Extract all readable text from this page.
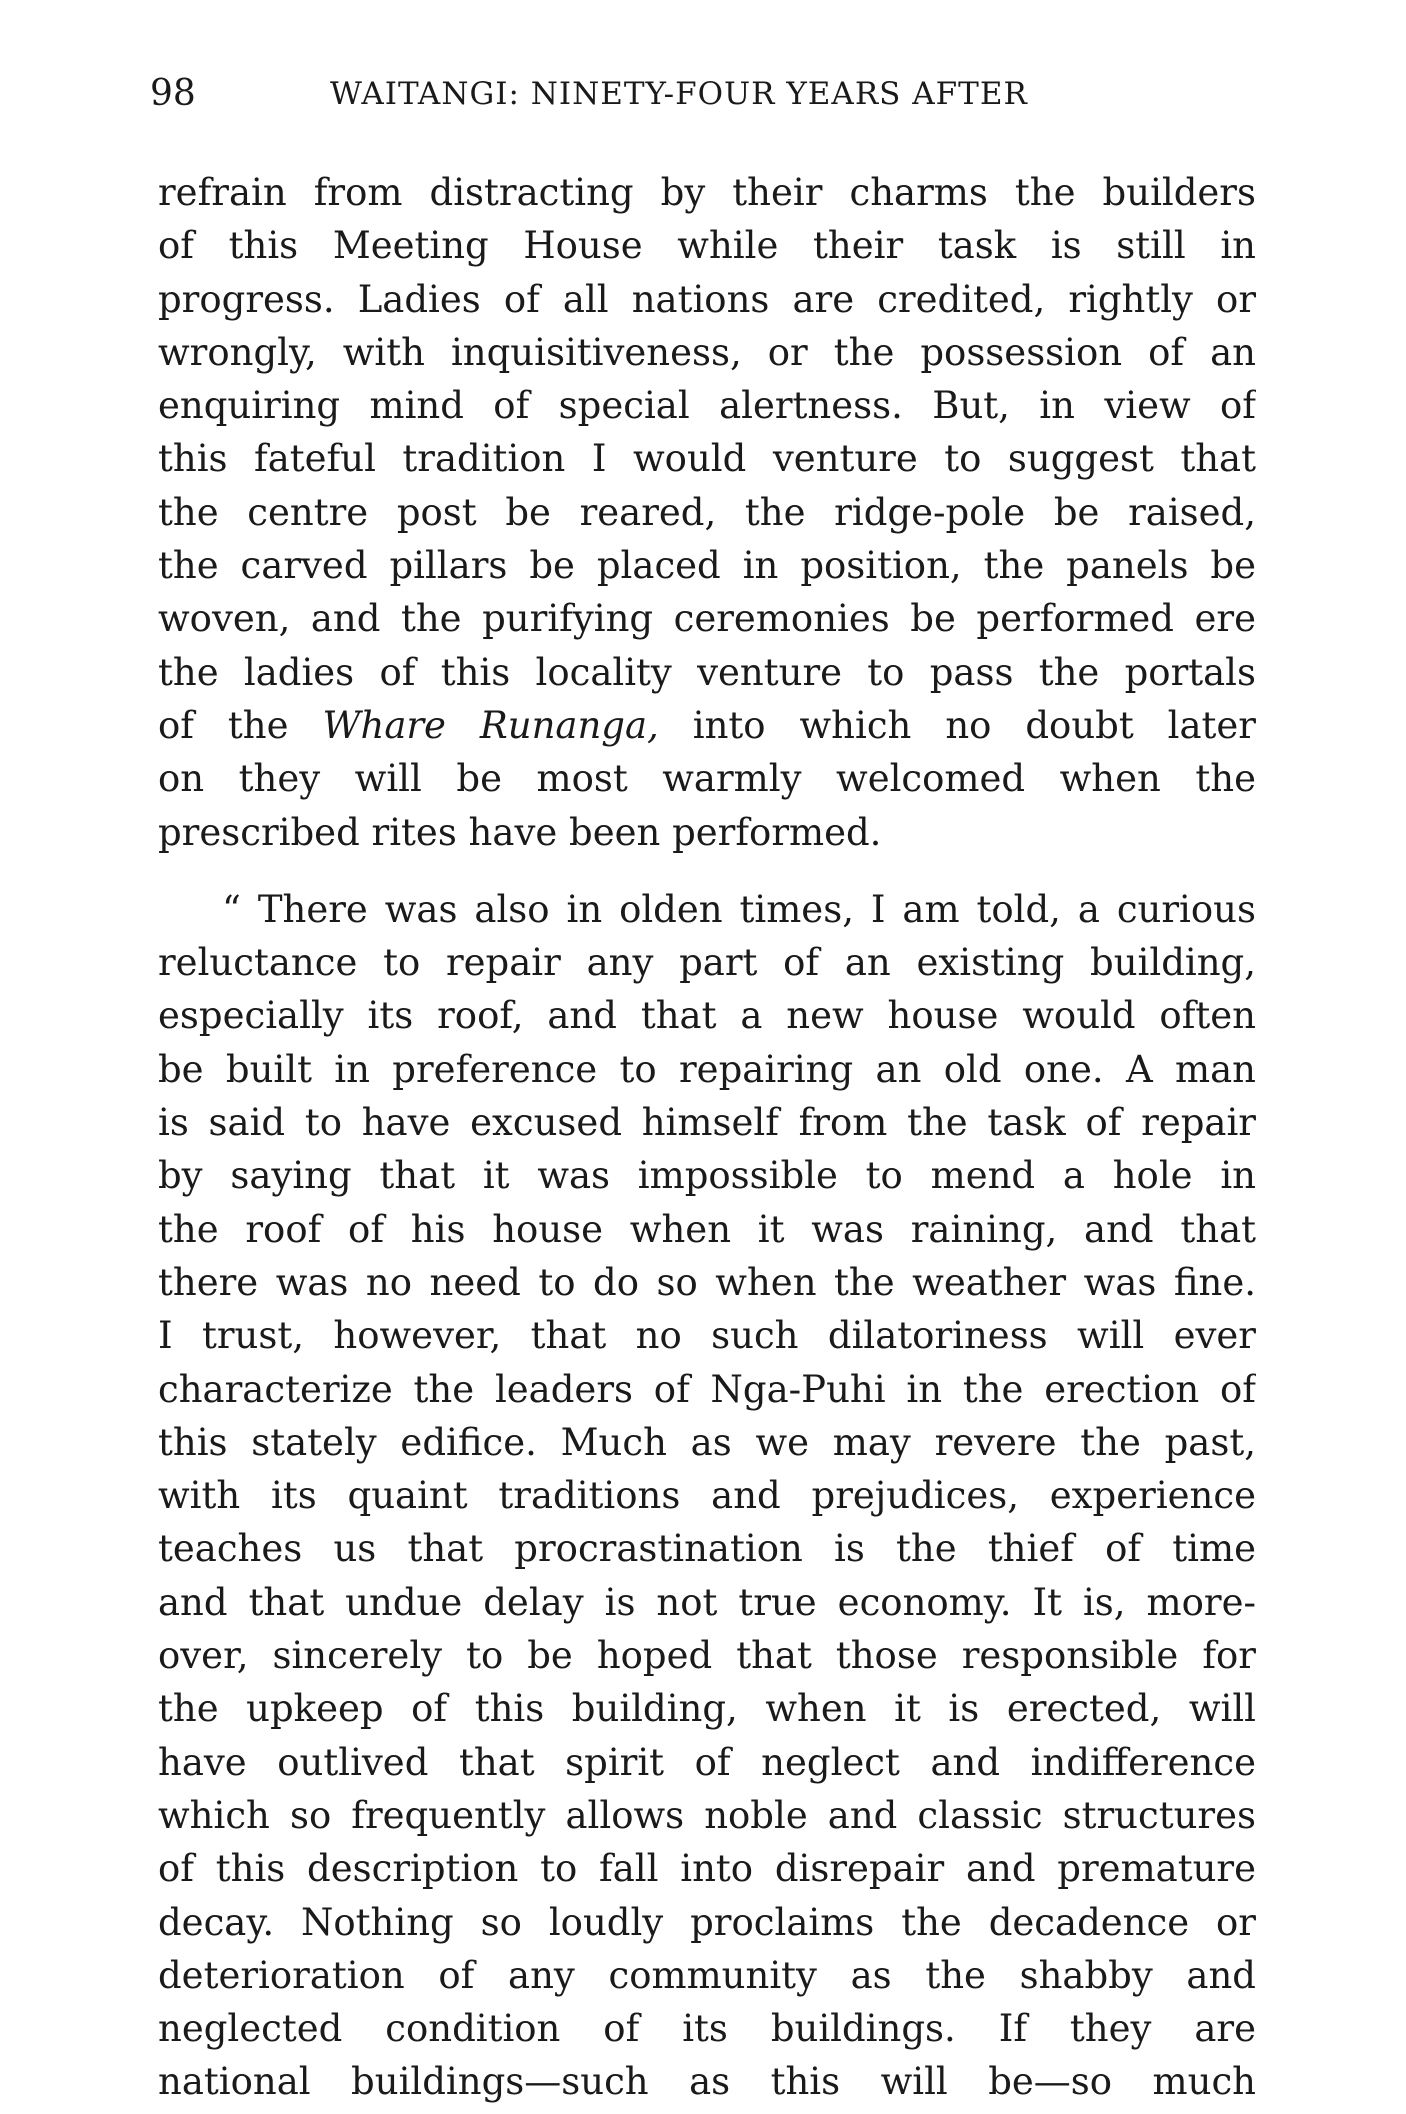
98	WAITANGI: NINETY-FOUR YEARS AFTER
refrain from distracting by their charms the builders
of this Meeting House while their task is still in
progress. Ladies of all nations are credited, rightly or
wrongly, with inquisitiveness, or the possession of an
enquiring mind of special alertness. But, in view of
this fateful tradition I would venture to suggest that
the centre post be reared, the ridge-pole be raised,
the carved pillars be placed in position, the panels be
woven, and the purifying ceremonies be performed ere
the ladies of this locality venture to pass the portals
of the Whare Runanga, into which no doubt later
on they will be most warmly welcomed when the
prescribed rites have been performed.
“ There was also in olden times, I am told, a curious
reluctance to repair any part of an existing building,
especially its roof, and that a new house would often
be built in preference to repairing an old one. A man
is said to have excused himself from the task of repair
by saying that it was impossible to mend a hole in
the roof of his house when it was raining, and that
there was no need to do so when the weather was fine.
I trust, however, that no such dilatoriness will ever
characterize the leaders of Nga-Puhi in the erection of
this stately edifice. Much as we may revere the past,
with its quaint traditions and prejudices, experience
teaches us that procrastination is the thief of time
and that undue delay is not true economy. It is, more-
over, sincerely to be hoped that those responsible for
the upkeep of this building, when it is erected, will
have outlived that spirit of neglect and indifference
which so frequently allows noble and classic structures
of this description to fall into disrepair and premature
decay. Nothing so loudly proclaims the decadence or
deterioration of any community as the shabby and
neglected condition of its buildings. If they are
national buildings—such as this will be—so much
